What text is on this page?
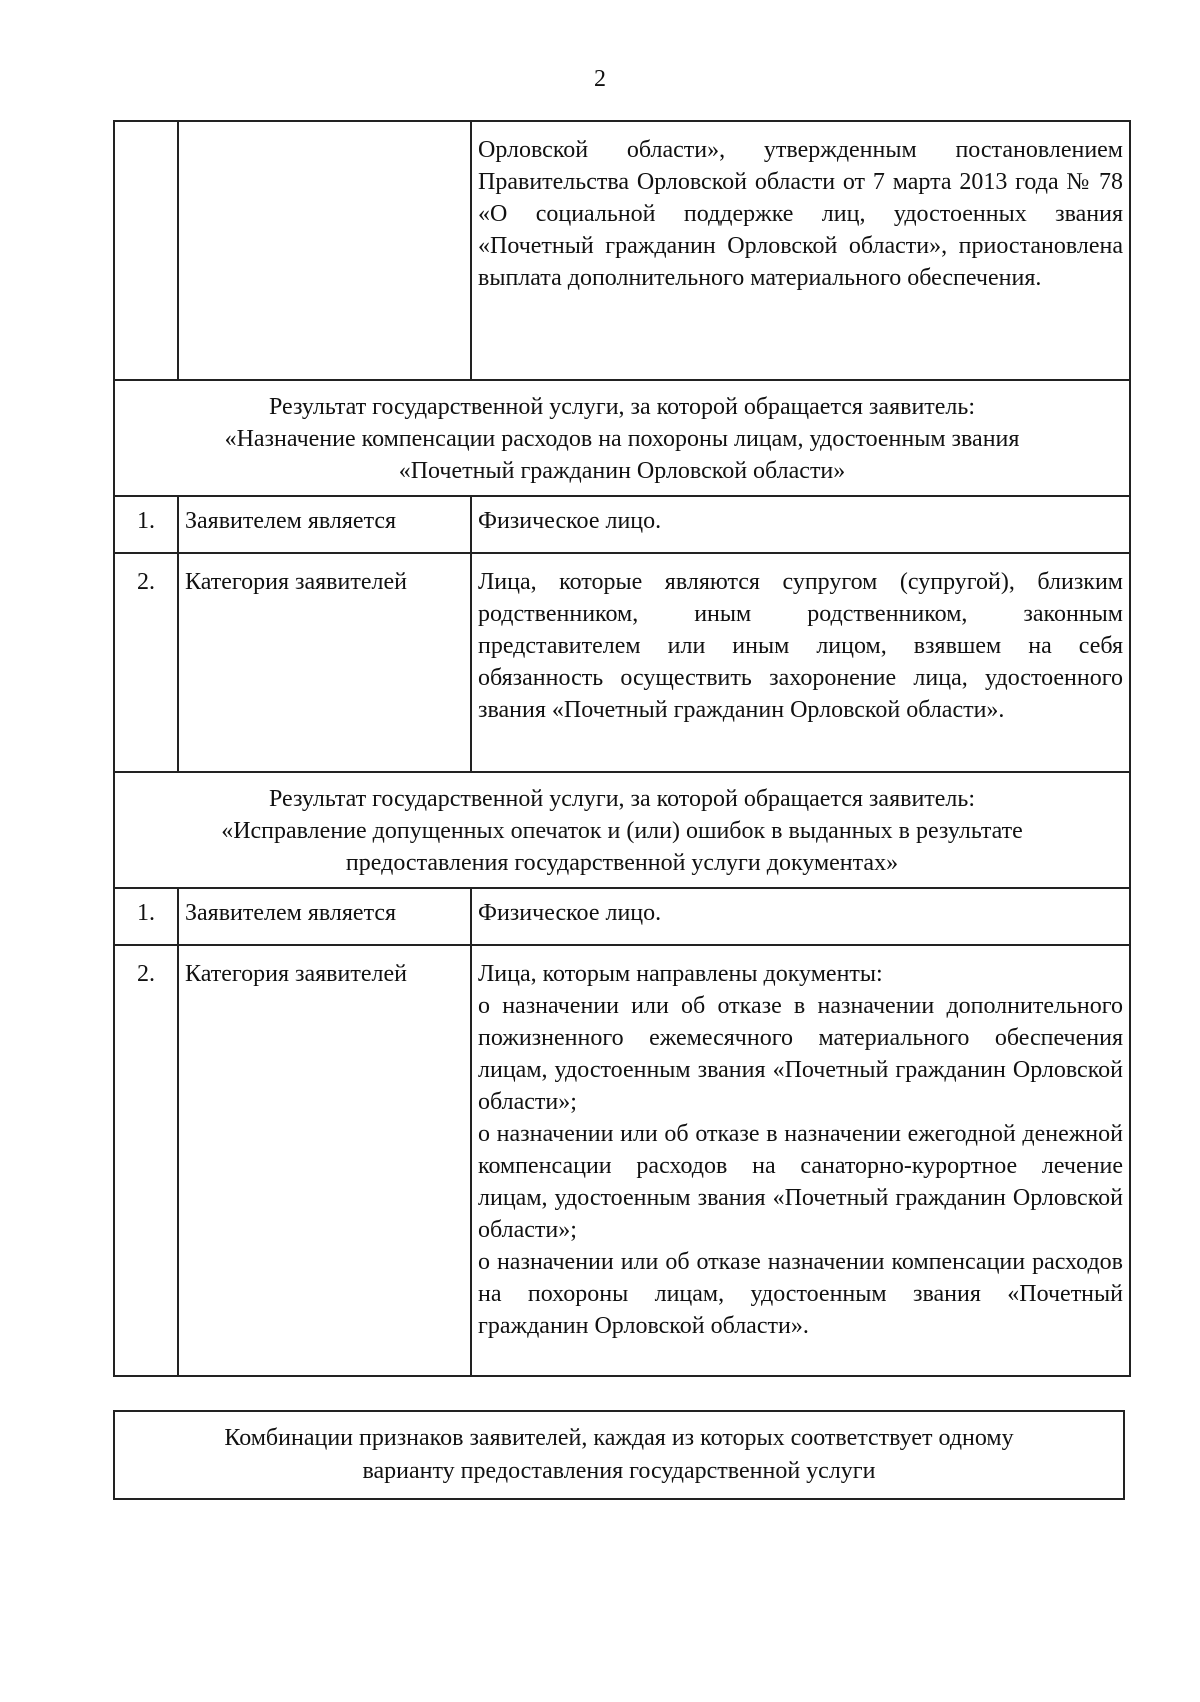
2
		Орловской области», утвержденным постановлением Правительства Орловской области от 7 марта 2013 года № 78 «О социальной поддержке лиц, удостоенных звания «Почетный гражданин Орловской области», приостановлена выплата дополнительного материального обеспечения.

Результат государственной услуги, за которой обращается заявитель:
«Назначение компенсации расходов на похороны лицам, удостоенным звания
«Почетный гражданин Орловской области»		

1.	Заявителем является	Физическое лицо.
2.	Категория заявителей	Лица, которые являются супругом (супругой), близким родственником, иным родственником, законным представителем или иным лицом, взявшем на себя обязанность осуществить захоронение лица, удостоенного звания «Почетный гражданин Орловской области».

Результат государственной услуги, за которой обращается заявитель:
«Исправление допущенных опечаток и (или) ошибок в выданных в результате
предоставления государственной услуги документах»		

1.	Заявителем является	Физическое лицо.
2.	Категория заявителей	Лица, которым направлены документы:
о назначении или об отказе в назначении дополнительного пожизненного ежемесячного материального обеспечения лицам, удостоенным звания «Почетный гражданин Орловской области»;
о назначении или об отказе в назначении ежегодной денежной компенсации расходов на санаторно-курортное лечение лицам, удостоенным звания «Почетный гражданин Орловской области»;
о назначении или об отказе назначении компенсации расходов на похороны лицам, удостоенным звания «Почетный гражданин Орловской области».
Комбинации признаков заявителей, каждая из которых соответствует одному
варианту предоставления государственной услуги
